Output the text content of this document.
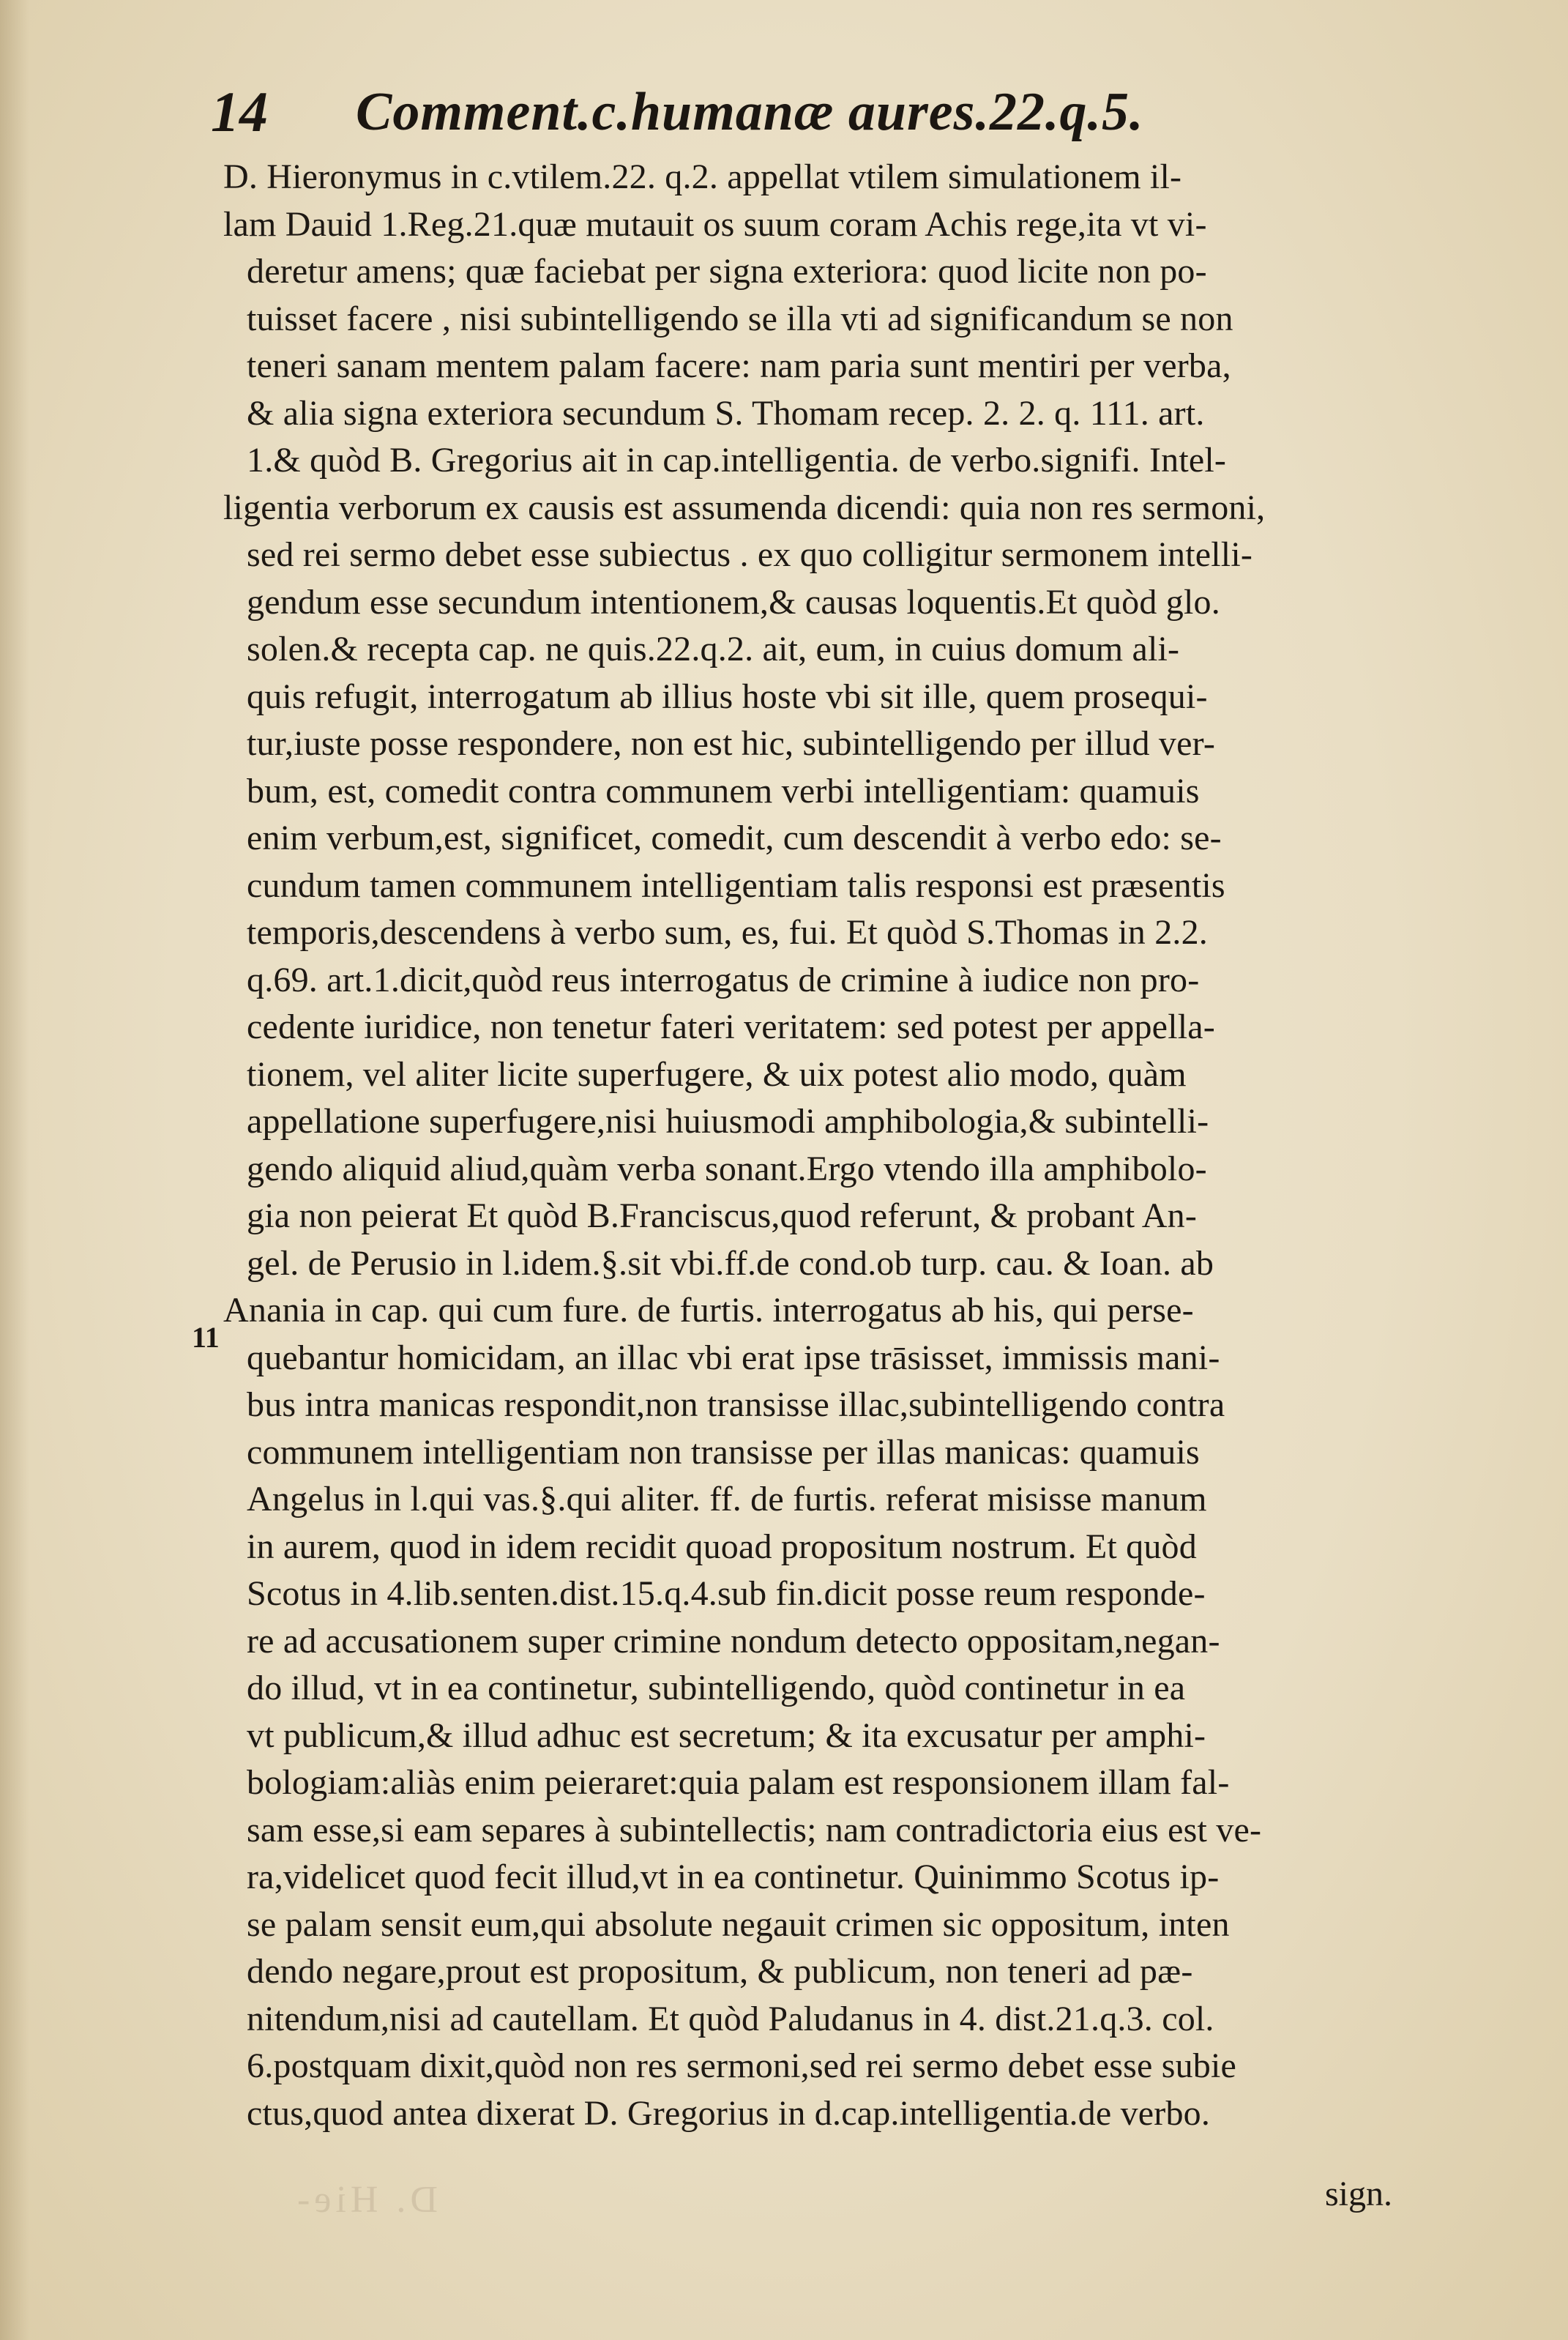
14 Comment.c.humanæ aures.22.q.5.
11
D. Hieronymus in c.vtilem.22. q.2. appellat vtilem simulationem il-
lam Dauid 1.Reg.21.quæ mutauit os suum coram Achis rege,ita vt vi-
deretur amens; quæ faciebat per signa exteriora: quod licite non po-
tuisset facere , nisi subintelligendo se illa vti ad significandum se non
teneri sanam mentem palam facere: nam paria sunt mentiri per verba,
& alia signa exteriora secundum S. Thomam recep. 2. 2. q. 111. art.
1.& quòd B. Gregorius ait in cap.intelligentia. de verbo.signifi. Intel-
ligentia verborum ex causis est assumenda dicendi: quia non res sermoni,
sed rei sermo debet esse subiectus . ex quo colligitur sermonem intelli-
gendum esse secundum intentionem,& causas loquentis.Et quòd glo.
solen.& recepta cap. ne quis.22.q.2. ait, eum, in cuius domum ali-
quis refugit, interrogatum ab illius hoste vbi sit ille, quem prosequi-
tur,iuste posse respondere, non est hic, subintelligendo per illud ver-
bum, est, comedit contra communem verbi intelligentiam: quamuis
enim verbum,est, significet, comedit, cum descendit à verbo edo: se-
cundum tamen communem intelligentiam talis responsi est præsentis
temporis,descendens à verbo sum, es, fui. Et quòd S.Thomas in 2.2.
q.69. art.1.dicit,quòd reus interrogatus de crimine à iudice non pro-
cedente iuridice, non tenetur fateri veritatem: sed potest per appella-
tionem, vel aliter licite superfugere, & uix potest alio modo, quàm
appellatione superfugere,nisi huiusmodi amphibologia,& subintelli-
gendo aliquid aliud,quàm verba sonant.Ergo vtendo illa amphibolo-
gia non peierat Et quòd B.Franciscus,quod referunt, & probant An-
gel. de Perusio in l.idem.§.sit vbi.ff.de cond.ob turp. cau. & Ioan. ab
Anania in cap. qui cum fure. de furtis. interrogatus ab his, qui perse-
quebantur homicidam, an illac vbi erat ipse trāsisset, immissis mani-
bus intra manicas respondit,non transisse illac,subintelligendo contra
communem intelligentiam non transisse per illas manicas: quamuis
Angelus in l.qui vas.§.qui aliter. ff. de furtis. referat misisse manum
in aurem, quod in idem recidit quoad propositum nostrum. Et quòd
Scotus in 4.lib.senten.dist.15.q.4.sub fin.dicit posse reum responde-
re ad accusationem super crimine nondum detecto oppositam,negan-
do illud, vt in ea continetur, subintelligendo, quòd continetur in ea
vt publicum,& illud adhuc est secretum; & ita excusatur per amphi-
bologiam:aliàs enim peieraret:quia palam est responsionem illam fal-
sam esse,si eam separes à subintellectis; nam contradictoria eius est ve-
ra,videlicet quod fecit illud,vt in ea continetur. Quinimmo Scotus ip-
se palam sensit eum,qui absolute negauit crimen sic oppositum, inten
dendo negare,prout est propositum, & publicum, non teneri ad pæ-
nitendum,nisi ad cautellam. Et quòd Paludanus in 4. dist.21.q.3. col.
6.postquam dixit,quòd non res sermoni,sed rei sermo debet esse subie
ctus,quod antea dixerat D. Gregorius in d.cap.intelligentia.de verbo.
D. Hie-	sign.
